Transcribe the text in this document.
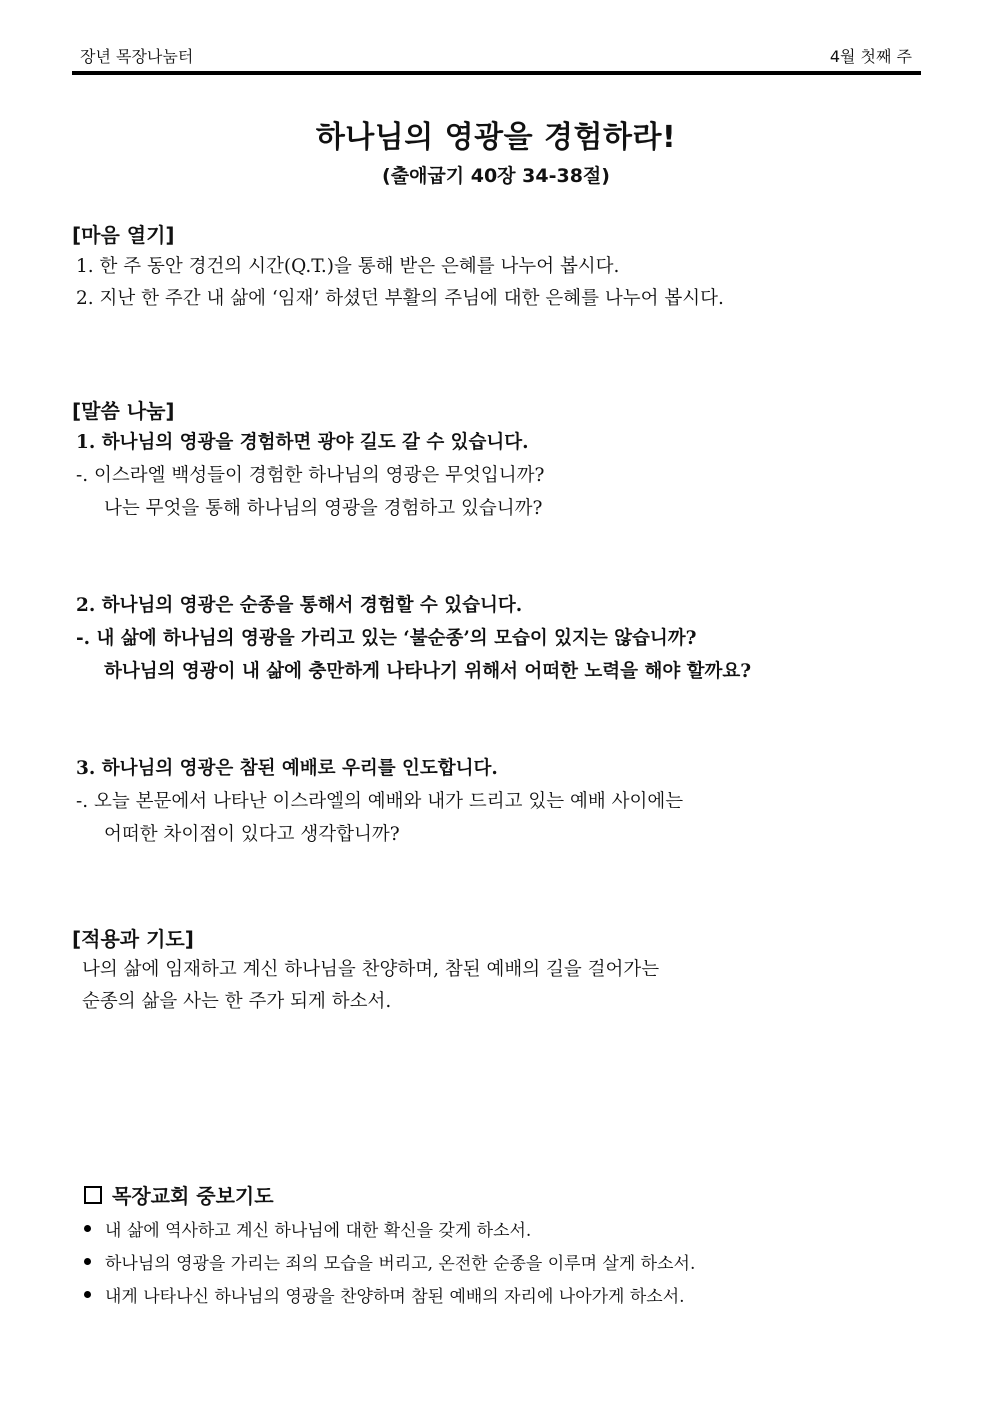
장년 목장나눔터	4월 첫째 주
하나님의 영광을 경험하라!
(출애굽기 40장 34-38절)
[마음 열기]
1. 한 주 동안 경건의 시간(Q.T.)을 통해 받은 은혜를 나누어 봅시다.
2. 지난 한 주간 내 삶에 ‘임재’ 하셨던 부활의 주님에 대한 은혜를 나누어 봅시다.
[말씀 나눔]
1. 하나님의 영광을 경험하면 광야 길도 갈 수 있습니다.
-. 이스라엘 백성들이 경험한 하나님의 영광은 무엇입니까?
나는 무엇을 통해 하나님의 영광을 경험하고 있습니까?
2. 하나님의 영광은 순종을 통해서 경험할 수 있습니다.
-. 내 삶에 하나님의 영광을 가리고 있는 ‘불순종’의 모습이 있지는 않습니까?
하나님의 영광이 내 삶에 충만하게 나타나기 위해서 어떠한 노력을 해야 할까요?
3. 하나님의 영광은 참된 예배로 우리를 인도합니다.
-. 오늘 본문에서 나타난 이스라엘의 예배와 내가 드리고 있는 예배 사이에는
어떠한 차이점이 있다고 생각합니까?
[적용과 기도]
나의 삶에 임재하고 계신 하나님을 찬양하며, 참된 예배의 길을 걸어가는
순종의 삶을 사는 한 주가 되게 하소서.
목장교회 중보기도
내 삶에 역사하고 계신 하나님에 대한 확신을 갖게 하소서.
하나님의 영광을 가리는 죄의 모습을 버리고, 온전한 순종을 이루며 살게 하소서.
내게 나타나신 하나님의 영광을 찬양하며 참된 예배의 자리에 나아가게 하소서.
